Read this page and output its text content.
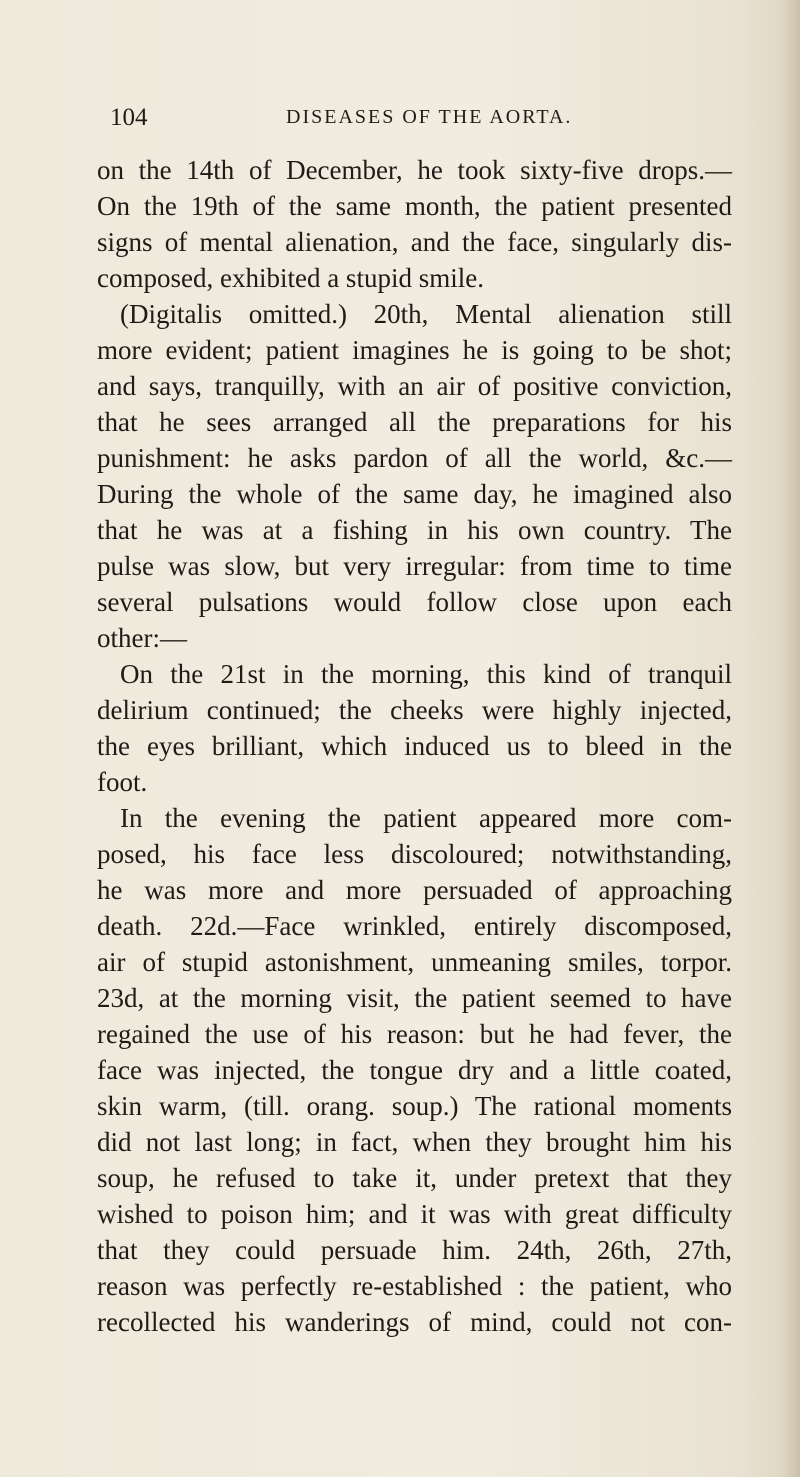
104	DISEASES OF THE AORTA.
on the 14th of December, he took sixty-five drops.—
On the 19th of the same month, the patient presented
signs of mental alienation, and the face, singularly dis-
composed, exhibited a stupid smile.
(Digitalis omitted.) 20th, Mental alienation still
more evident; patient imagines he is going to be shot;
and says, tranquilly, with an air of positive conviction,
that he sees arranged all the preparations for his
punishment: he asks pardon of all the world, &c.—
During the whole of the same day, he imagined also
that he was at a fishing in his own country. The
pulse was slow, but very irregular: from time to time
several pulsations would follow close upon each
other:—
On the 21st in the morning, this kind of tranquil
delirium continued; the cheeks were highly injected,
the eyes brilliant, which induced us to bleed in the
foot.
In the evening the patient appeared more com-
posed, his face less discoloured; notwithstanding,
he was more and more persuaded of approaching
death. 22d.—Face wrinkled, entirely discomposed,
air of stupid astonishment, unmeaning smiles, torpor.
23d, at the morning visit, the patient seemed to have
regained the use of his reason: but he had fever, the
face was injected, the tongue dry and a little coated,
skin warm, (till. orang. soup.) The rational moments
did not last long; in fact, when they brought him his
soup, he refused to take it, under pretext that they
wished to poison him; and it was with great difficulty
that they could persuade him. 24th, 26th, 27th,
reason was perfectly re-established : the patient, who
recollected his wanderings of mind, could not con-
